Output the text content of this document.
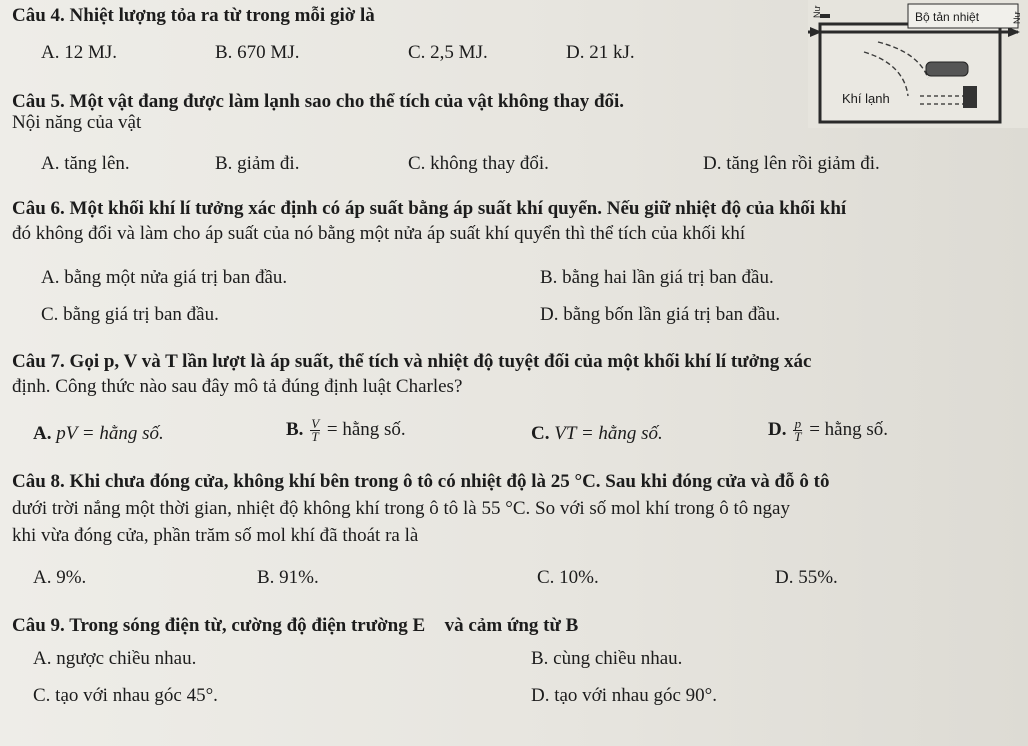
Bộ tản nhiệt
Nư	Nư
Khí lạnh
Câu 4. Nhiệt lượng tỏa ra từ trong mỗi giờ là
A. 12 MJ.	B. 670 MJ.	C. 2,5 MJ.	D. 21 kJ.
Câu 5. Một vật đang được làm lạnh sao cho thể tích của vật không thay đổi.
Nội năng của vật
A. tăng lên.	B. giảm đi.	C. không thay đổi.	D. tăng lên rồi giảm đi.
Câu 6. Một khối khí lí tưởng xác định có áp suất bằng áp suất khí quyển. Nếu giữ nhiệt độ của khối khí
đó không đổi và làm cho áp suất của nó bằng một nửa áp suất khí quyển thì thể tích của khối khí
A. bằng một nửa giá trị ban đầu.	B. bằng hai lần giá trị ban đầu.
C. bằng giá trị ban đầu.	D. bằng bốn lần giá trị ban đầu.
Câu 7. Gọi p, V và T lần lượt là áp suất, thể tích và nhiệt độ tuyệt đối của một khối khí lí tưởng xác
định. Công thức nào sau đây mô tả đúng định luật Charles?
A. pV = hằng số.	B. $\frac{V}{T}$ = hằng số.	C. VT = hằng số.	D. $\frac{p}{T}$ = hằng số.
Câu 8. Khi chưa đóng cửa, không khí bên trong ô tô có nhiệt độ là 25 °C. Sau khi đóng cửa và đỗ ô tô
dưới trời nắng một thời gian, nhiệt độ không khí trong ô tô là 55 °C. So với số mol khí trong ô tô ngay
khi vừa đóng cửa, phần trăm số mol khí đã thoát ra là
A. 9%.	B. 91%.	C. 10%.	D. 55%.
Câu 9. Trong sóng điện từ, cường độ điện trường E⃗ và cảm ứng từ B⃗
A. ngược chiều nhau.	B. cùng chiều nhau.
C. tạo với nhau góc 45°.	D. tạo với nhau góc 90°.
